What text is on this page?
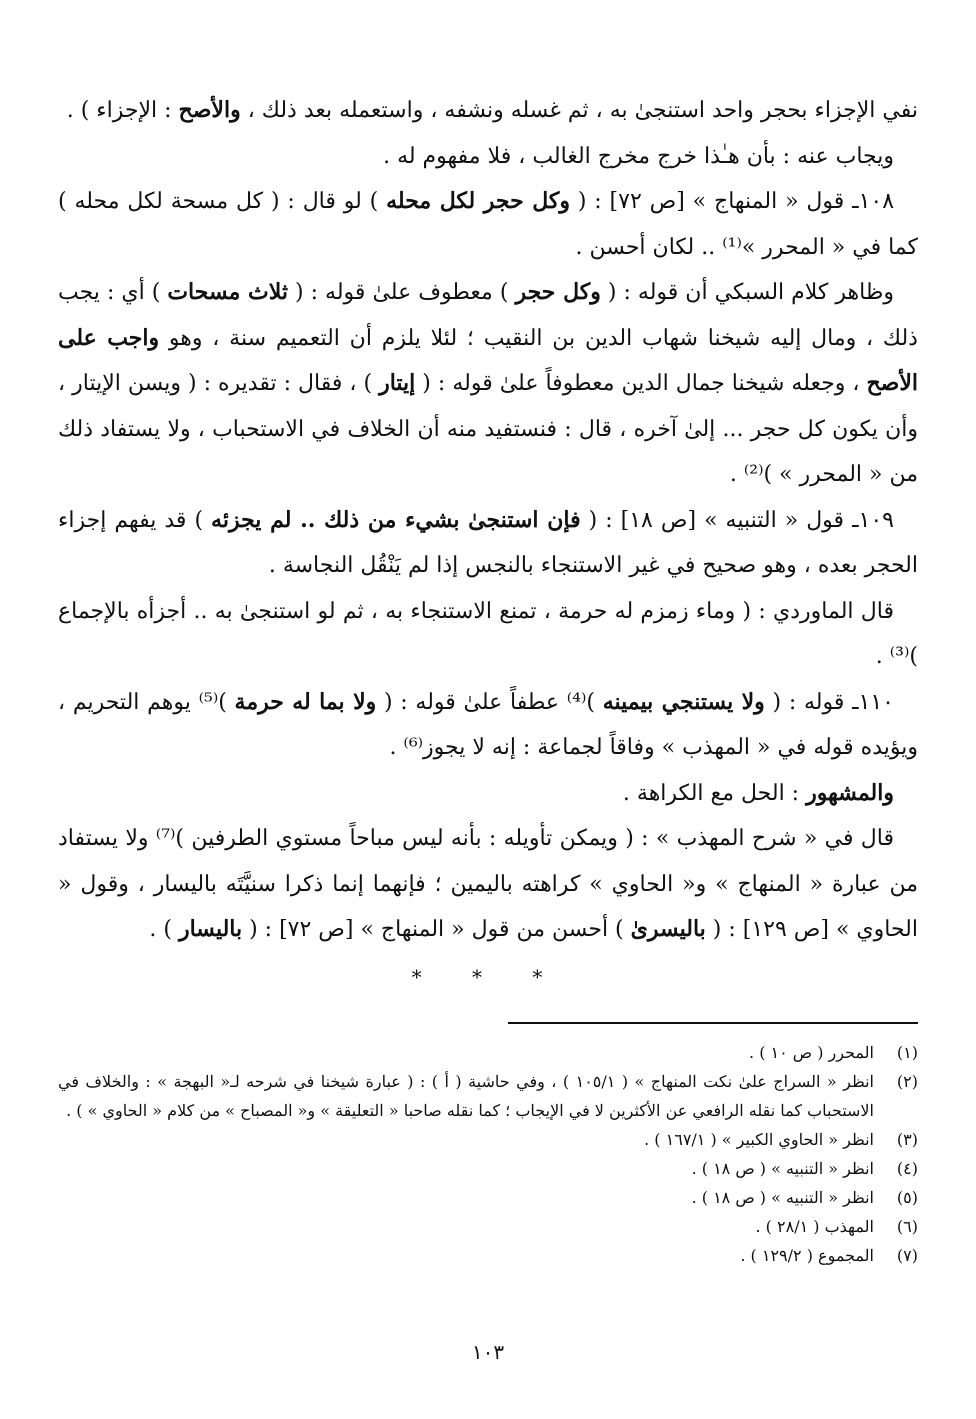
نفي الإجزاء بحجر واحد استنجىٰ به ، ثم غسله ونشفه ، واستعمله بعد ذلك ، والأصح : الإجزاء ) .

ويجاب عنه : بأن هـٰذا خرج مخرج الغالب ، فلا مفهوم له .

١٠٨ـ قول « المنهاج » [ص ٧٢] : ( وكل حجر لكل محله ) لو قال : ( كل مسحة لكل محله ) كما في « المحرر »⁽¹⁾ .. لكان أحسن .

وظاهر كلام السبكي أن قوله : ( وكل حجر ) معطوف علىٰ قوله : ( ثلاث مسحات ) أي : يجب ذلك ، ومال إليه شيخنا شهاب الدين بن النقيب ؛ لئلا يلزم أن التعميم سنة ، وهو واجب على الأصح ، وجعله شيخنا جمال الدين معطوفاً علىٰ قوله : ( إيتار ) ، فقال : تقديره : ( ويسن الإيتار ، وأن يكون كل حجر ... إلىٰ آخره ، قال : فنستفيد منه أن الخلاف في الاستحباب ، ولا يستفاد ذلك من « المحرر » )⁽²⁾ .

١٠٩ـ قول « التنبيه » [ص ١٨] : ( فإن استنجىٰ بشيء من ذلك .. لم يجزئه ) قد يفهم إجزاء الحجر بعده ، وهو صحيح في غير الاستنجاء بالنجس إذا لم يَنْقُل النجاسة .

قال الماوردي : ( وماء زمزم له حرمة ، تمنع الاستنجاء به ، ثم لو استنجىٰ به .. أجزأه بالإجماع )⁽³⁾ .

١١٠ـ قوله : ( ولا يستنجي بيمينه )⁽⁴⁾ عطفاً علىٰ قوله : ( ولا بما له حرمة )⁽⁵⁾ يوهم التحريم ، ويؤيده قوله في « المهذب » وفاقاً لجماعة : إنه لا يجوز⁽⁶⁾ .

والمشهور : الحل مع الكراهة .

قال في « شرح المهذب » : ( ويمكن تأويله : بأنه ليس مباحاً مستوي الطرفين )⁽⁷⁾ ولا يستفاد من عبارة « المنهاج » و« الحاوي » كراهته باليمين ؛ فإنهما إنما ذكرا سنيَّتَه باليسار ، وقول « الحاوي » [ص ١٢٩] : ( باليسرىٰ ) أحسن من قول « المنهاج » [ص ٧٢] : ( باليسار ) .

* * *

(١)
المحرر ( ص ١٠ ) .
(٢)
انظر « السراج علىٰ نكت المنهاج » ( ١٠٥/١ ) ، وفي حاشية ( أ ) : ( عبارة شيخنا في شرحه لـ« البهجة » : والخلاف في الاستحباب كما نقله الرافعي عن الأكثرين لا في الإيجاب ؛ كما نقله صاحبا « التعليقة » و« المصباح » من كلام « الحاوي » ) .
(٣)
انظر « الحاوي الكبير » ( ١٦٧/١ ) .
(٤)
انظر « التنبيه » ( ص ١٨ ) .
(٥)
انظر « التنبيه » ( ص ١٨ ) .
(٦)
المهذب ( ٢٨/١ ) .
(٧)
المجموع ( ١٢٩/٢ ) .
١٠٣
